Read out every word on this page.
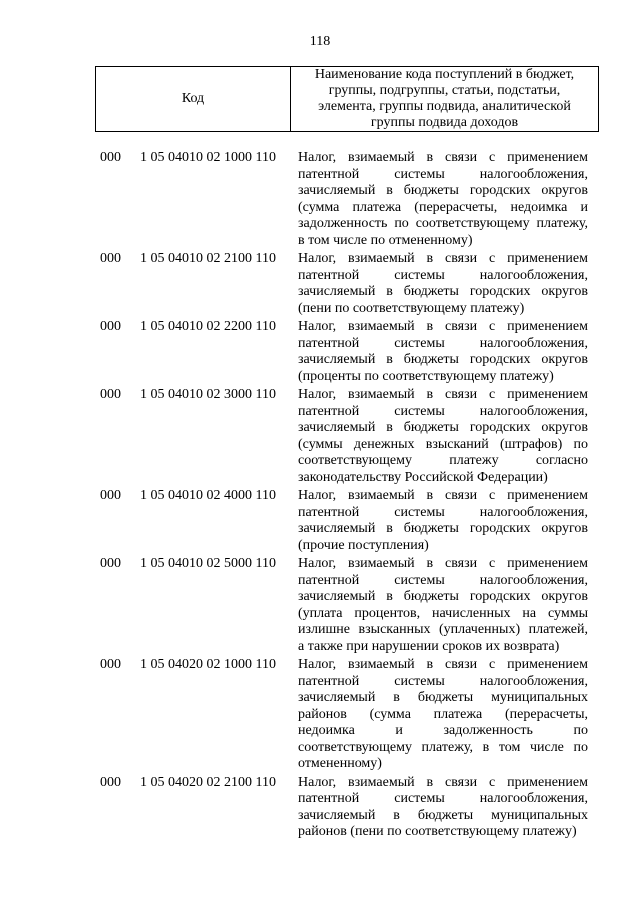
118
Код
Наименование кода поступлений в бюджет,
группы, подгруппы, статьи, подстатьи,
элемента, группы подвида, аналитической
группы подвида доходов
000	1 05 04010 02 1000 110	Налог, взимаемый в связи с применением
патентной системы налогообложения,
зачисляемый в бюджеты городских округов
(сумма платежа (перерасчеты, недоимка и
задолженность по соответствующему платежу,
в том числе по отмененному)
000	1 05 04010 02 2100 110	Налог, взимаемый в связи с применением
патентной системы налогообложения,
зачисляемый в бюджеты городских округов
(пени по соответствующему платежу)
000	1 05 04010 02 2200 110	Налог, взимаемый в связи с применением
патентной системы налогообложения,
зачисляемый в бюджеты городских округов
(проценты по соответствующему платежу)
000	1 05 04010 02 3000 110	Налог, взимаемый в связи с применением
патентной системы налогообложения,
зачисляемый в бюджеты городских округов
(суммы денежных взысканий (штрафов) по
соответствующему платежу согласно
законодательству Российской Федерации)
000	1 05 04010 02 4000 110	Налог, взимаемый в связи с применением
патентной системы налогообложения,
зачисляемый в бюджеты городских округов
(прочие поступления)
000	1 05 04010 02 5000 110	Налог, взимаемый в связи с применением
патентной системы налогообложения,
зачисляемый в бюджеты городских округов
(уплата процентов, начисленных на суммы
излишне взысканных (уплаченных) платежей,
а также при нарушении сроков их возврата)
000	1 05 04020 02 1000 110	Налог, взимаемый в связи с применением
патентной системы налогообложения,
зачисляемый в бюджеты муниципальных
районов (сумма платежа (перерасчеты,
недоимка и задолженность по
соответствующему платежу, в том числе по
отмененному)
000	1 05 04020 02 2100 110	Налог, взимаемый в связи с применением
патентной системы налогообложения,
зачисляемый в бюджеты муниципальных
районов (пени по соответствующему платежу)
